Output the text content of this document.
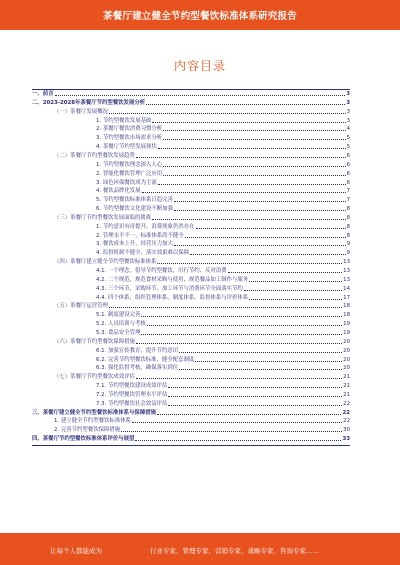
茶餐厅建立健全节约型餐饮标准体系研究报告
内容目录
一、前言	3
二、2023-2028年茶餐厅节约型餐饮发展分析	3
（一）茶餐厅发展概况	3
1. 节约型餐饮发展基础	3
2. 茶餐厅餐饮消费习惯分析	4
3. 节约型餐饮市场需求分析	5
4. 茶餐厅节约型发展现状	5
（二）茶餐厅节约型餐饮发展趋势	6
1. 节约型餐饮理念深入人心	6
2. 智能化餐饮管理广泛应用	6
3. 绿色环保餐饮成为主流	6
4. 餐饮品牌化发展	7
5. 节约型餐饮标准体系日趋完善	7
6. 节约型餐饮文化建设不断加强	8
（三）茶餐厅节约型餐饮发展面临的挑战	8
1. 节约意识有待提升，浪费现象仍然存在	8
2. 管理水平不一，标准体系尚不健全	8
3. 餐饮成本上升，经营压力加大	9
4. 监督机制不健全，落实效果难以保障	9
（四）茶餐厅建立健全节约型餐饮标准体系	13
4.1. 一个理念，倡导节约型餐饮，厉行节约、反对浪费	13
4.2. 二个规范，规范食材采购与使用，规范餐品加工制作与服务	13
4.3. 三个环节，采购环节、加工环节与消费环节全面落实节约	14
4.4. 四个体系，组织管理体系、制度体系、监督体系与评价体系	17
（五）茶餐厅运营管理	18
5.1. 制度建设完善	18
5.2. 人员培训与考核	19
5.3. 食品安全管理	19
（六）茶餐厅节约型餐饮保障措施	20
6.1. 加强宣传教育，提升节约意识	20
6.2. 完善节约型餐饮标准，健全配套制度	20
6.3. 强化监督考核，确保落实到位	20
（七）茶餐厅节约型餐饮成效评估	21
7.1. 节约型餐饮建设成效评估	21
7.2. 节约型餐饮管理水平评估	21
7.3. 节约型餐饮社会效益评估	22
三、茶餐厅建立健全节约型餐饮标准体系与保障措施	22
1. 建立健全节约型餐饮标准体系	22
2. 完善节约型餐饮保障措施	30
四、茶餐厅节约型餐饮标准体系评价与展望	33
让每个人都能成为	行业专家、管理专家、营销专家、战略专家、咨询专家……
